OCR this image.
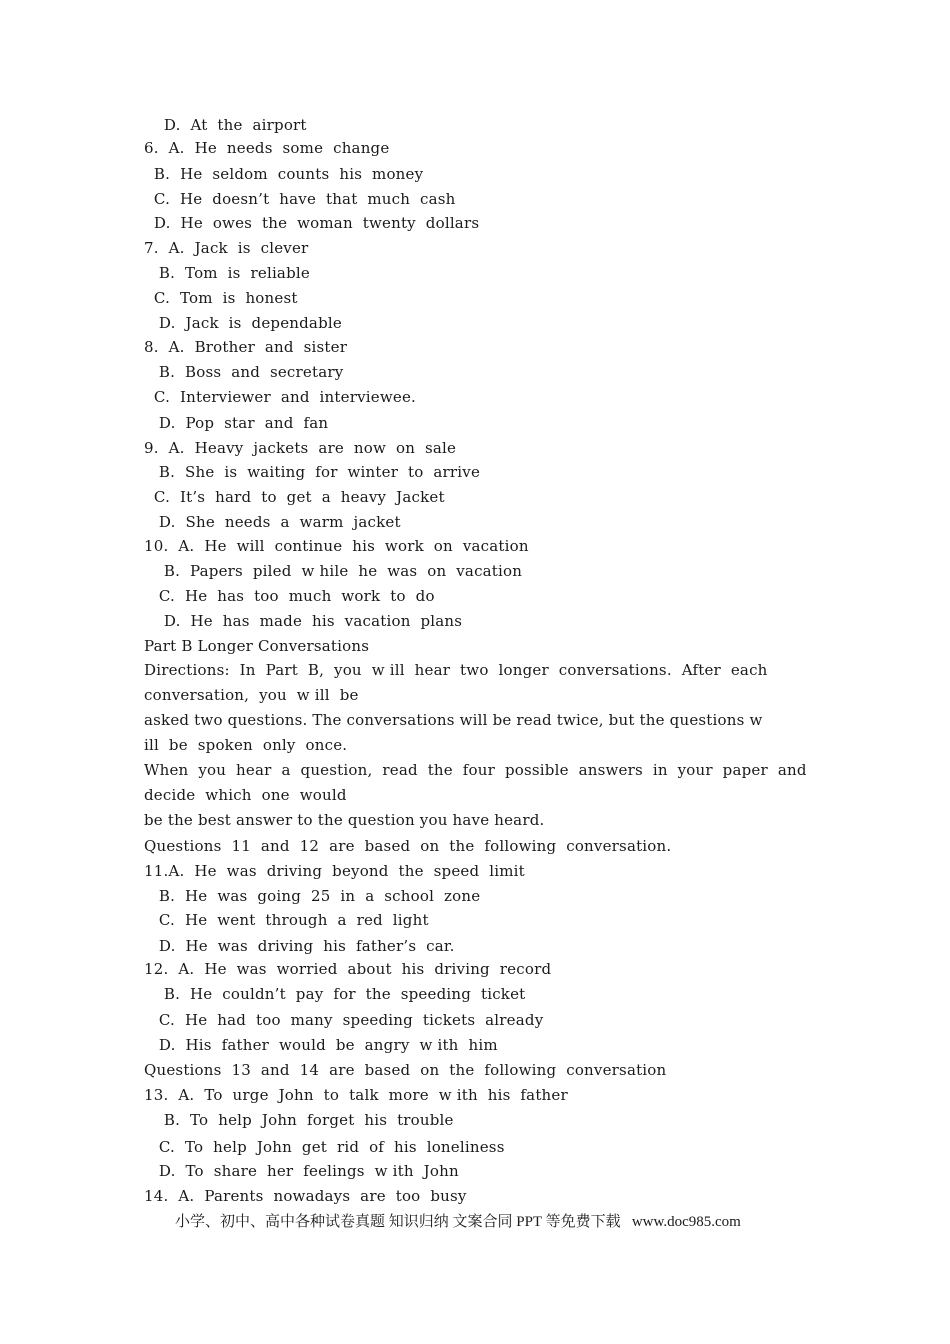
D.  At  the  airport
6.  A.  He  needs  some  change
B.  He  seldom  counts  his  money
C.  He  doesn’t  have  that  much  cash
D.  He  owes  the  woman  twenty  dollars
7.  A.  Jack  is  clever
B.  Tom  is  reliable
C.  Tom  is  honest
D.  Jack  is  dependable
8.  A.  Brother  and  sister
B.  Boss  and  secretary
C.  Interviewer  and  interviewee.
D.  Pop  star  and  fan
9.  A.  Heavy  jackets  are  now  on  sale
B.  She  is  waiting  for  winter  to  arrive
C.  It’s  hard  to  get  a  heavy  Jacket
D.  She  needs  a  warm  jacket
10.  A.  He  will  continue  his  work  on  vacation
B.  Papers  piled  w hile  he  was  on  vacation
C.  He  has  too  much  work  to  do
D.  He  has  made  his  vacation  plans
Part B Longer Conversations
Directions:  In  Part  B,  you  w ill  hear  two  longer  conversations.  After  each
conversation,  you  w ill  be
asked two questions. The conversations will be read twice, but the questions w
ill  be  spoken  only  once.
When  you  hear  a  question,  read  the  four  possible  answers  in  your  paper  and
decide  which  one  would
be the best answer to the question you have heard.
Questions  11  and  12  are  based  on  the  following  conversation.
11.A.  He  was  driving  beyond  the  speed  limit
B.  He  was  going  25  in  a  school  zone
C.  He  went  through  a  red  light
D.  He  was  driving  his  father’s  car.
12.  A.  He  was  worried  about  his  driving  record
B.  He  couldn’t  pay  for  the  speeding  ticket
C.  He  had  too  many  speeding  tickets  already
D.  His  father  would  be  angry  w ith  him
Questions  13  and  14  are  based  on  the  following  conversation
13.  A.  To  urge  John  to  talk  more  w ith  his  father
B.  To  help  John  forget  his  trouble
C.  To  help  John  get  rid  of  his  loneliness
D.  To  share  her  feelings  w ith  John
14.  A.  Parents  nowadays  are  too  busy
小学、初中、高中各种试卷真题 知识归纳 文案合同 PPT 等免费下载   www.doc985.com
